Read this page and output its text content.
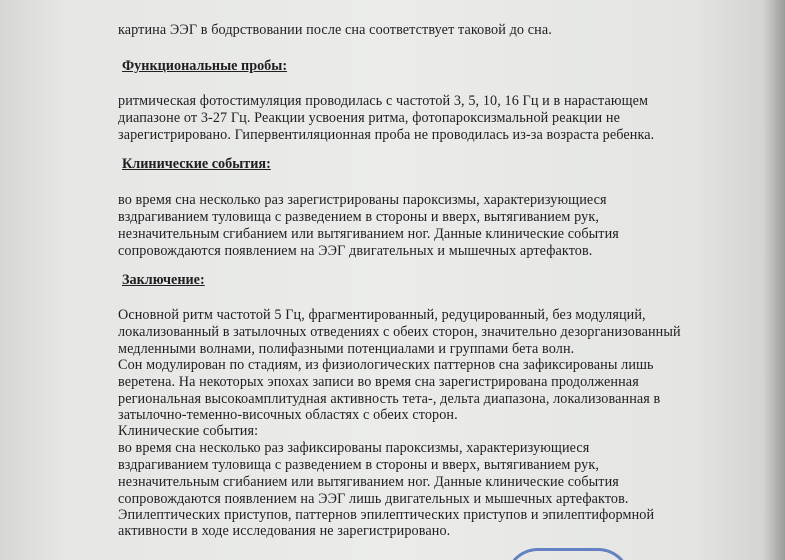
картина ЭЭГ в бодрствовании после сна соответствует таковой до сна.
Функциональные пробы:
ритмическая фотостимуляция проводилась с частотой 3, 5, 10, 16 Гц и в нарастающем
диапазоне от 3-27 Гц. Реакции усвоения ритма, фотопароксизмальной реакции не
зарегистрировано. Гипервентиляционная проба не проводилась из-за возраста ребенка.
Клинические события:
во время сна несколько раз зарегистрированы пароксизмы, характеризующиеся
вздрагиванием туловища с разведением в стороны и вверх, вытягиванием рук,
незначительным сгибанием или вытягиванием ног. Данные клинические события
сопровождаются появлением на ЭЭГ двигательных и мышечных артефактов.
Заключение:
Основной ритм частотой 5 Гц, фрагментированный, редуцированный, без модуляций,
локализованный в затылочных отведениях с обеих сторон, значительно дезорганизованный
медленными волнами, полифазными потенциалами и группами бета волн.
Сон модулирован по стадиям, из физиологических паттернов сна зафиксированы лишь
веретена. На некоторых эпохах записи во время сна зарегистрирована продолженная
региональная высокоамплитудная активность тета-, дельта диапазона, локализованная в
затылочно-теменно-височных областях с обеих сторон.
Клинические события:
во время сна несколько раз зафиксированы пароксизмы, характеризующиеся
вздрагиванием туловища с разведением в стороны и вверх, вытягиванием рук,
незначительным сгибанием или вытягиванием ног. Данные клинические события
сопровождаются появлением на ЭЭГ лишь двигательных и мышечных артефактов.
Эпилептических приступов, паттернов эпилептических приступов и эпилептиформной
активности в ходе исследования не зарегистрировано.
